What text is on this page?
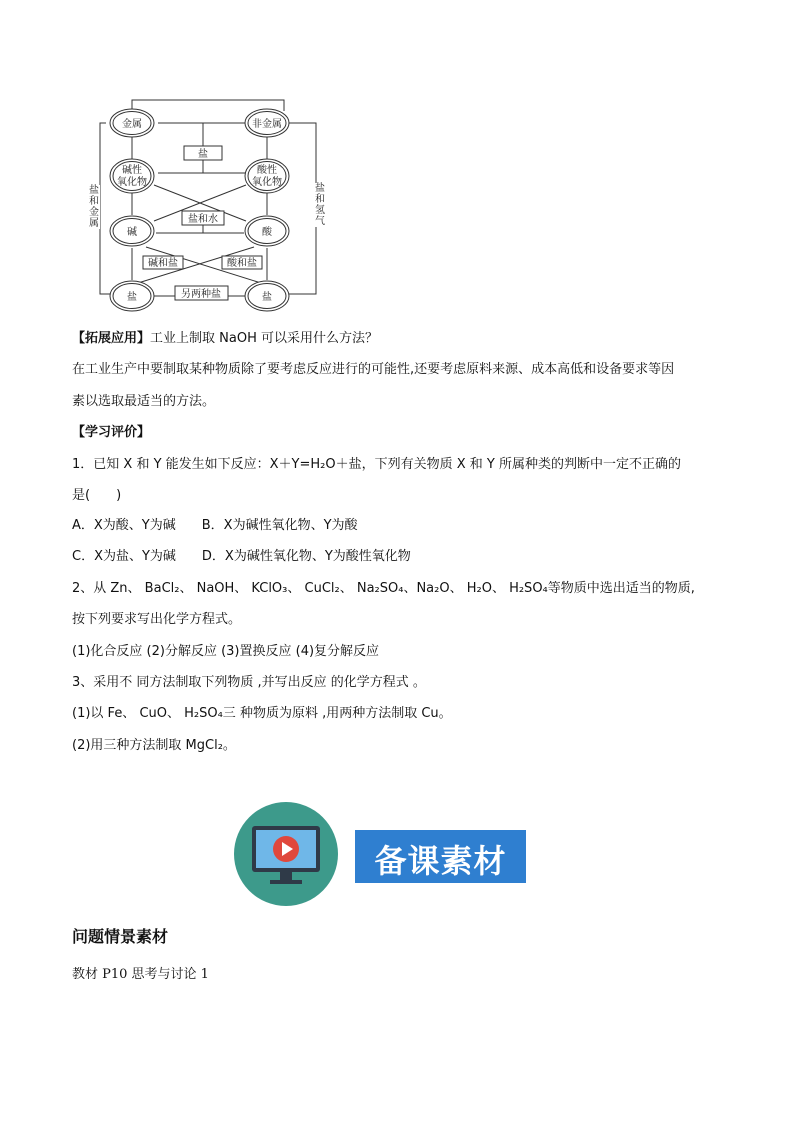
金属	非金属
碱性
氧化物
酸性
氧化物
碱	酸
盐	盐
盐
盐和水
碱和盐	酸和盐
另两种盐
盐和金属
盐和氢气
【拓展应用】工业上制取 NaOH 可以采用什么方法？
在工业生产中要制取某种物质除了要考虑反应进行的可能性,还要考虑原料来源、成本高低和设备要求等因
素以选取最适当的方法。
【学习评价】
1．已知 X 和 Y 能发生如下反应：X＋Y=H₂O＋盐，下列有关物质 X 和 Y 所属种类的判断中一定不正确的
是(　　)
A．X为酸、Y为碱　　B．X为碱性氧化物、Y为酸
C．X为盐、Y为碱　　D．X为碱性氧化物、Y为酸性氧化物
2、从 Zn、 BaCl₂、 NaOH、 KClO₃、 CuCl₂、 Na₂SO₄、Na₂O、 H₂O、 H₂SO₄等物质中选出适当的物质,
按下列要求写出化学方程式。
(1)化合反应 (2)分解反应 (3)置换反应 (4)复分解反应
3、采用不 同方法制取下列物质 ,并写出反应 的化学方程式 。
(1)以 Fe、 CuO、 H₂SO₄三 种物质为原料 ,用两种方法制取 Cu。
(2)用三种方法制取 MgCl₂。
备课素材
问题情景素材
教材 P10 思考与讨论 1
